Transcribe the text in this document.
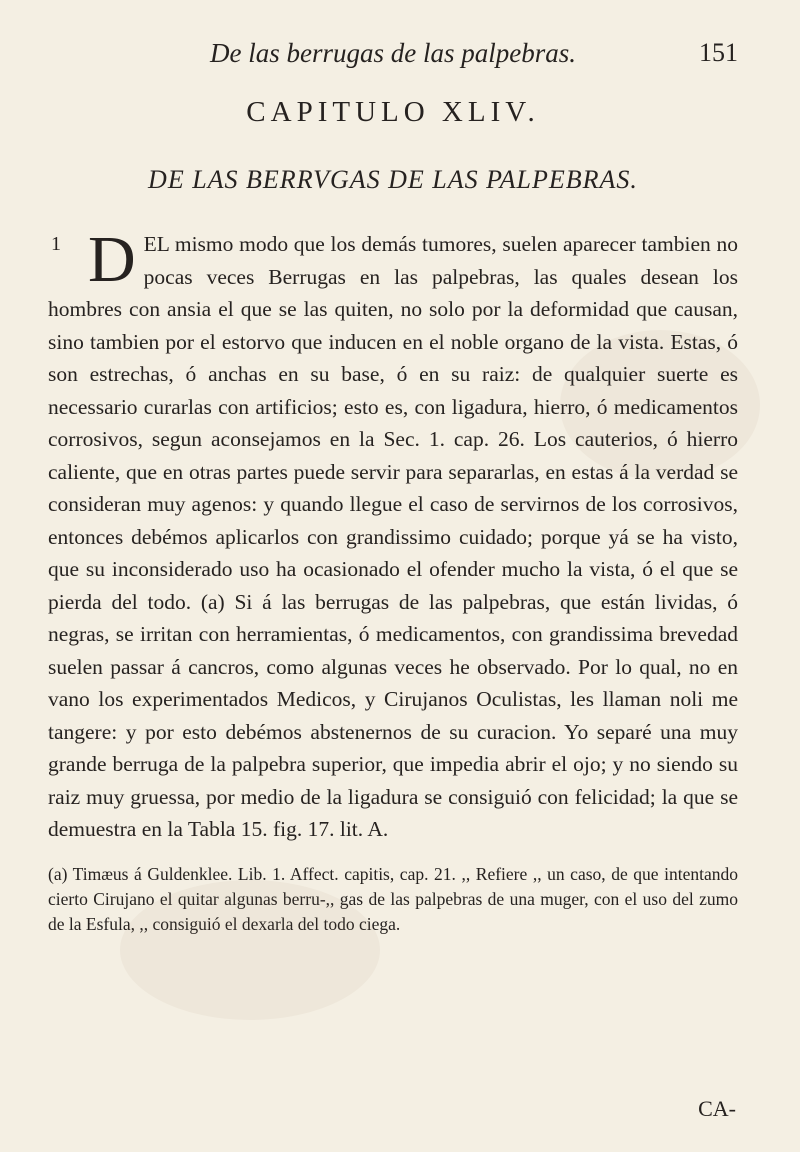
De las berrugas de las palpebras.	151
CAPITULO XLIV.
DE LAS BERRVGAS DE LAS PALPEBRAS.

1 D EL mismo modo que los demás tumores, suelen aparecer tambien no pocas veces Berrugas en las palpebras, las quales desean los hombres con ansia el que se las quiten, no solo por la deformidad que causan, sino tambien por el estorvo que inducen en el noble organo de la vista. Estas, ó son estrechas, ó anchas en su base, ó en su raiz: de qualquier suerte es necessario curarlas con artificios; esto es, con ligadura, hierro, ó medicamentos corrosivos, segun aconsejamos en la Sec. 1. cap. 26. Los cauterios, ó hierro caliente, que en otras partes puede servir para separarlas, en estas á la verdad se consideran muy agenos: y quando llegue el caso de servirnos de los corrosivos, entonces debémos aplicarlos con grandissimo cuidado; porque yá se ha visto, que su inconsiderado uso ha ocasionado el ofender mucho la vista, ó el que se pierda del todo. (a) Si á las berrugas de las palpebras, que están lividas, ó negras, se irritan con herramientas, ó medicamentos, con grandissima brevedad suelen passar á cancros, como algunas veces he observado. Por lo qual, no en vano los experimentados Medicos, y Cirujanos Oculistas, les llaman noli me tangere: y por esto debémos abstenernos de su curacion. Yo separé una muy grande berruga de la palpebra superior, que impedia abrir el ojo; y no siendo su raiz muy gruessa, por medio de la ligadura se consiguió con felicidad; la que se demuestra en la Tabla 15. fig. 17. lit. A.

(a) Timæus á Guldenklee. Lib. 1. Affect. capitis, cap. 21. ,, Refiere ,, un caso, de que intentando cierto Cirujano el quitar algunas berru-,, gas de las palpebras de una muger, con el uso del zumo de la Esfula, ,, consiguió el dexarla del todo ciega.

CA-
